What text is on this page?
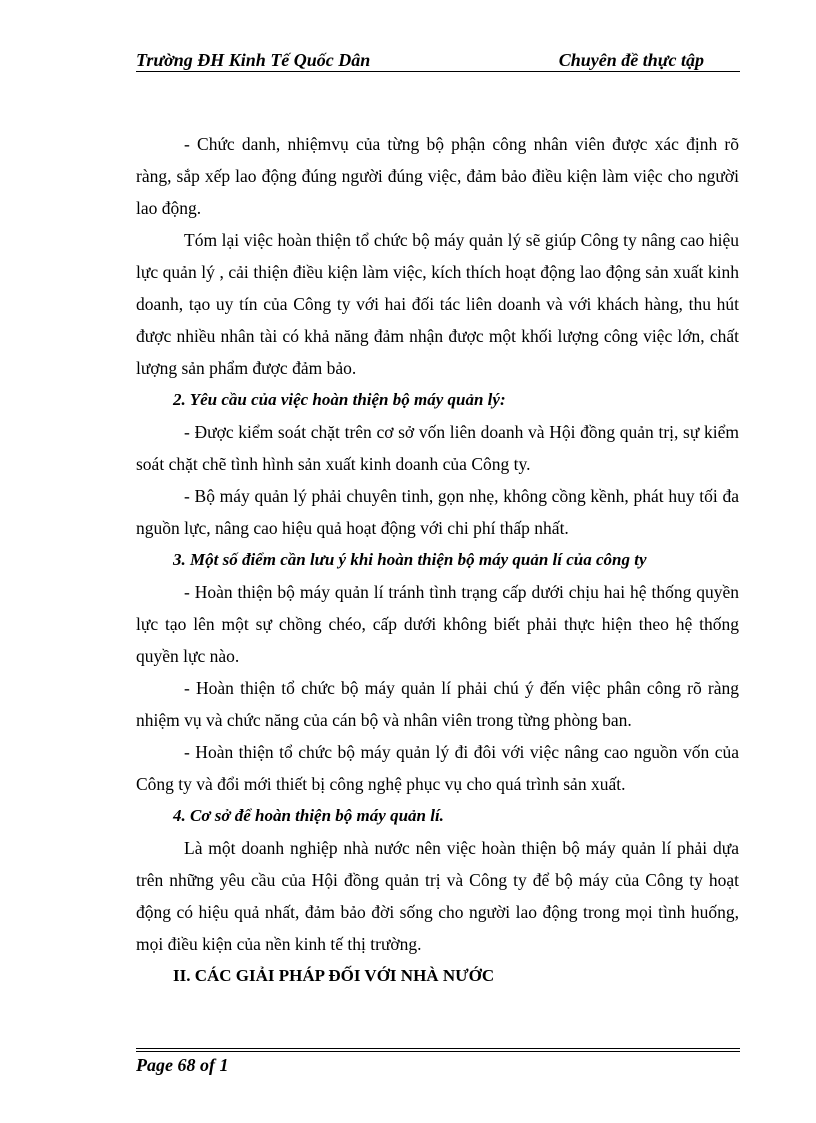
Trường ĐH Kinh Tế Quốc Dân	Chuyên đề thực tập

- Chức danh, nhiệmvụ của từng bộ phận công nhân viên được xác định rõ ràng, sắp xếp lao động đúng người đúng việc, đảm bảo điều kiện làm việc cho người lao động.

Tóm lại việc hoàn thiện tổ chức bộ máy quản lý sẽ giúp Công ty nâng cao hiệu lực quản lý , cải thiện điều kiện làm việc, kích thích hoạt động lao động sản xuất kinh doanh, tạo uy tín của Công ty với hai đối tác liên doanh và với khách hàng, thu hút được nhiều nhân tài có khả năng đảm nhận được một khối lượng công việc lớn, chất lượng sản phẩm được đảm bảo.

2. Yêu cầu của việc hoàn thiện bộ máy quản lý:

- Được kiểm soát chặt trên cơ sở vốn liên doanh và Hội đồng quản trị, sự kiểm soát chặt chẽ tình hình sản xuất kinh doanh của Công ty.

- Bộ máy quản lý phải chuyên tinh, gọn nhẹ, không cồng kềnh, phát huy tối đa nguồn lực, nâng cao hiệu quả hoạt động với chi phí thấp nhất.

3. Một số điểm cần lưu ý khi hoàn thiện bộ máy quản lí của công ty

- Hoàn thiện bộ máy quản lí tránh tình trạng cấp dưới chịu hai hệ thống quyền lực tạo lên một sự chồng chéo, cấp dưới không biết phải thực hiện theo hệ thống quyền lực nào.

- Hoàn thiện tổ chức bộ máy quản lí phải chú ý đến việc phân công rõ ràng nhiệm vụ và chức năng của cán bộ và nhân viên trong từng phòng ban.

- Hoàn thiện tổ chức bộ máy quản lý đi đôi với việc nâng cao nguồn vốn của Công ty và đổi mới thiết bị công nghệ phục vụ cho quá trình sản xuất.

4. Cơ sở để hoàn thiện bộ máy quản lí.

Là một doanh nghiệp nhà nước nên việc hoàn thiện bộ máy quản lí phải dựa trên những yêu cầu của Hội đồng quản trị và Công ty để bộ máy của Công ty hoạt động có hiệu quả nhất, đảm bảo đời sống cho người lao động trong mọi tình huống, mọi điều kiện của nền kinh tế thị trường.

II. CÁC GIẢI PHÁP ĐỐI VỚI NHÀ NƯỚC

Page 68 of 1
